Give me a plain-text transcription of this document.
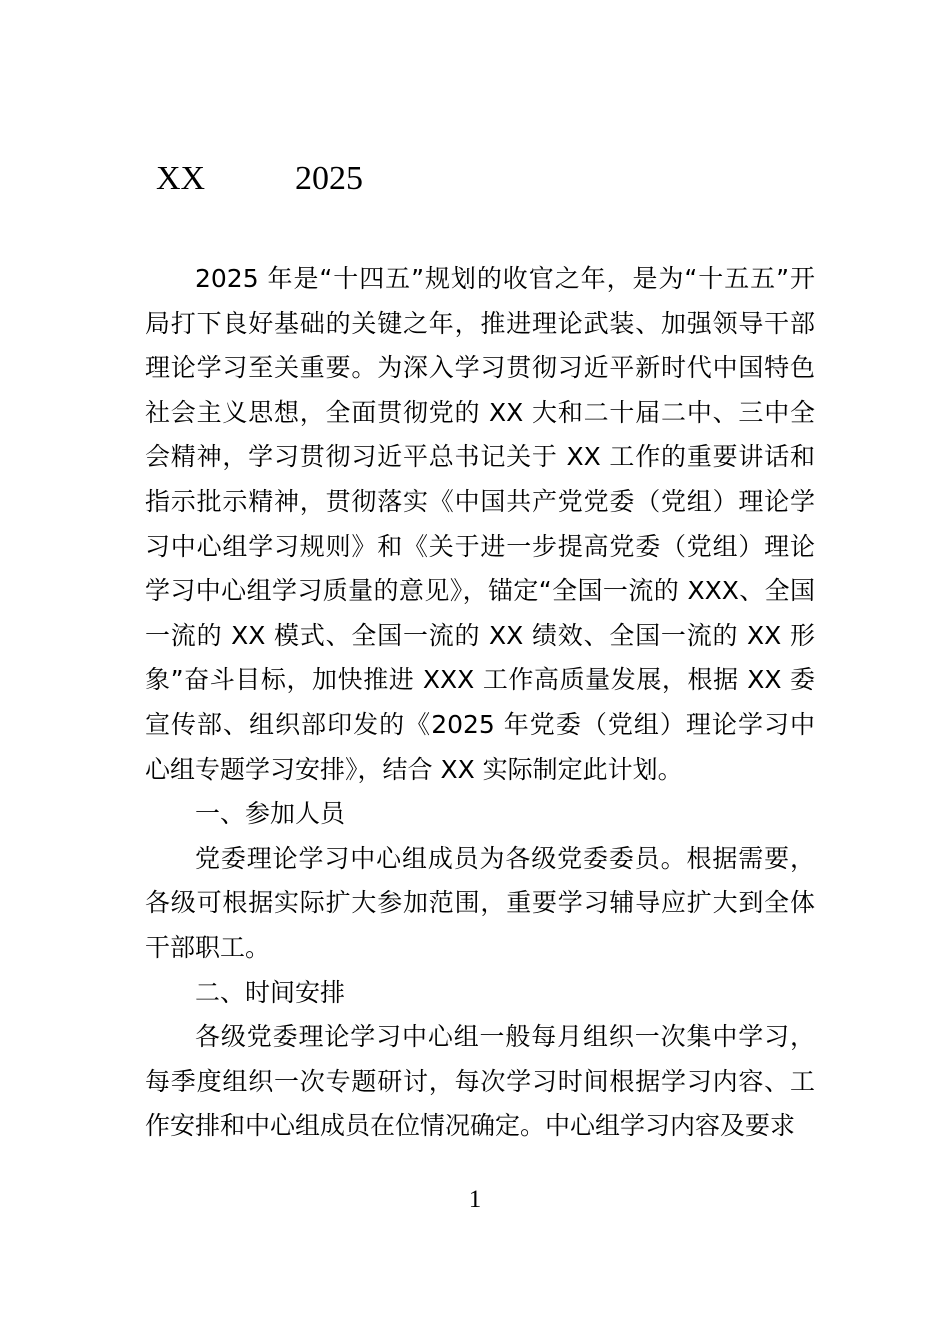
XX	2025

2025 年是“十四五”规划的收官之年，是为“十五五”开局打下良好基础的关键之年，推进理论武装、加强领导干部理论学习至关重要。为深入学习贯彻习近平新时代中国特色社会主义思想，全面贯彻党的 XX 大和二十届二中、三中全会精神，学习贯彻习近平总书记关于 XX 工作的重要讲话和指示批示精神，贯彻落实《中国共产党党委（党组）理论学习中心组学习规则》和《关于进一步提高党委（党组）理论学习中心组学习质量的意见》，锚定“全国一流的 XXX、全国一流的 XX 模式、全国一流的 XX 绩效、全国一流的 XX 形象”奋斗目标，加快推进 XXX 工作高质量发展，根据 XX 委宣传部、组织部印发的《2025 年党委（党组）理论学习中心组专题学习安排》，结合 XX 实际制定此计划。

一、参加人员

党委理论学习中心组成员为各级党委委员。根据需要，各级可根据实际扩大参加范围，重要学习辅导应扩大到全体干部职工。

二、时间安排

各级党委理论学习中心组一般每月组织一次集中学习，每季度组织一次专题研讨，每次学习时间根据学习内容、工作安排和中心组成员在位情况确定。中心组学习内容及要求

1
